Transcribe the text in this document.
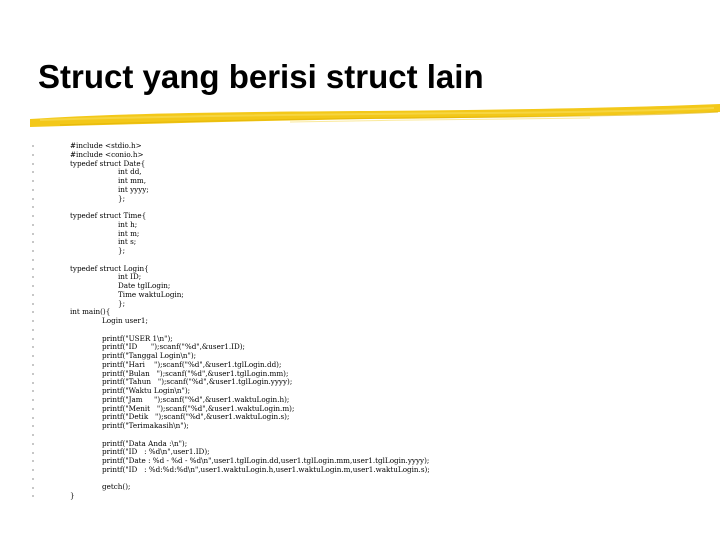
Struct yang berisi struct lain
#include <stdio.h>
#include <conio.h>
typedef struct Date{
int dd,
int mm,
int yyyy;
};
typedef struct Time{
int h;
int m;
int s;
};
typedef struct Login{
int ID;
Date tglLogin;
Time waktuLogin;
};
int main(){
Login user1;
printf("USER 1\n");
printf("ID      ");scanf("%d",&user1.ID);
printf("Tanggal Login\n");
printf("Hari    ");scanf("%d",&user1.tglLogin.dd);
printf("Bulan   ");scanf("%d",&user1.tglLogin.mm);
printf("Tahun   ");scanf("%d",&user1.tglLogin.yyyy);
printf("Waktu Login\n");
printf("Jam     ");scanf("%d",&user1.waktuLogin.h);
printf("Menit   ");scanf("%d",&user1.waktuLogin.m);
printf("Detik   ");scanf("%d",&user1.waktuLogin.s);
printf("Terimakasih\n");
printf("Data Anda :\n");
printf("ID   : %d\n",user1.ID);
printf("Date : %d - %d - %d\n",user1.tglLogin.dd,user1.tglLogin.mm,user1.tglLogin.yyyy);
printf("ID   : %d:%d:%d\n",user1.waktuLogin.h,user1.waktuLogin.m,user1.waktuLogin.s);
getch();
}
